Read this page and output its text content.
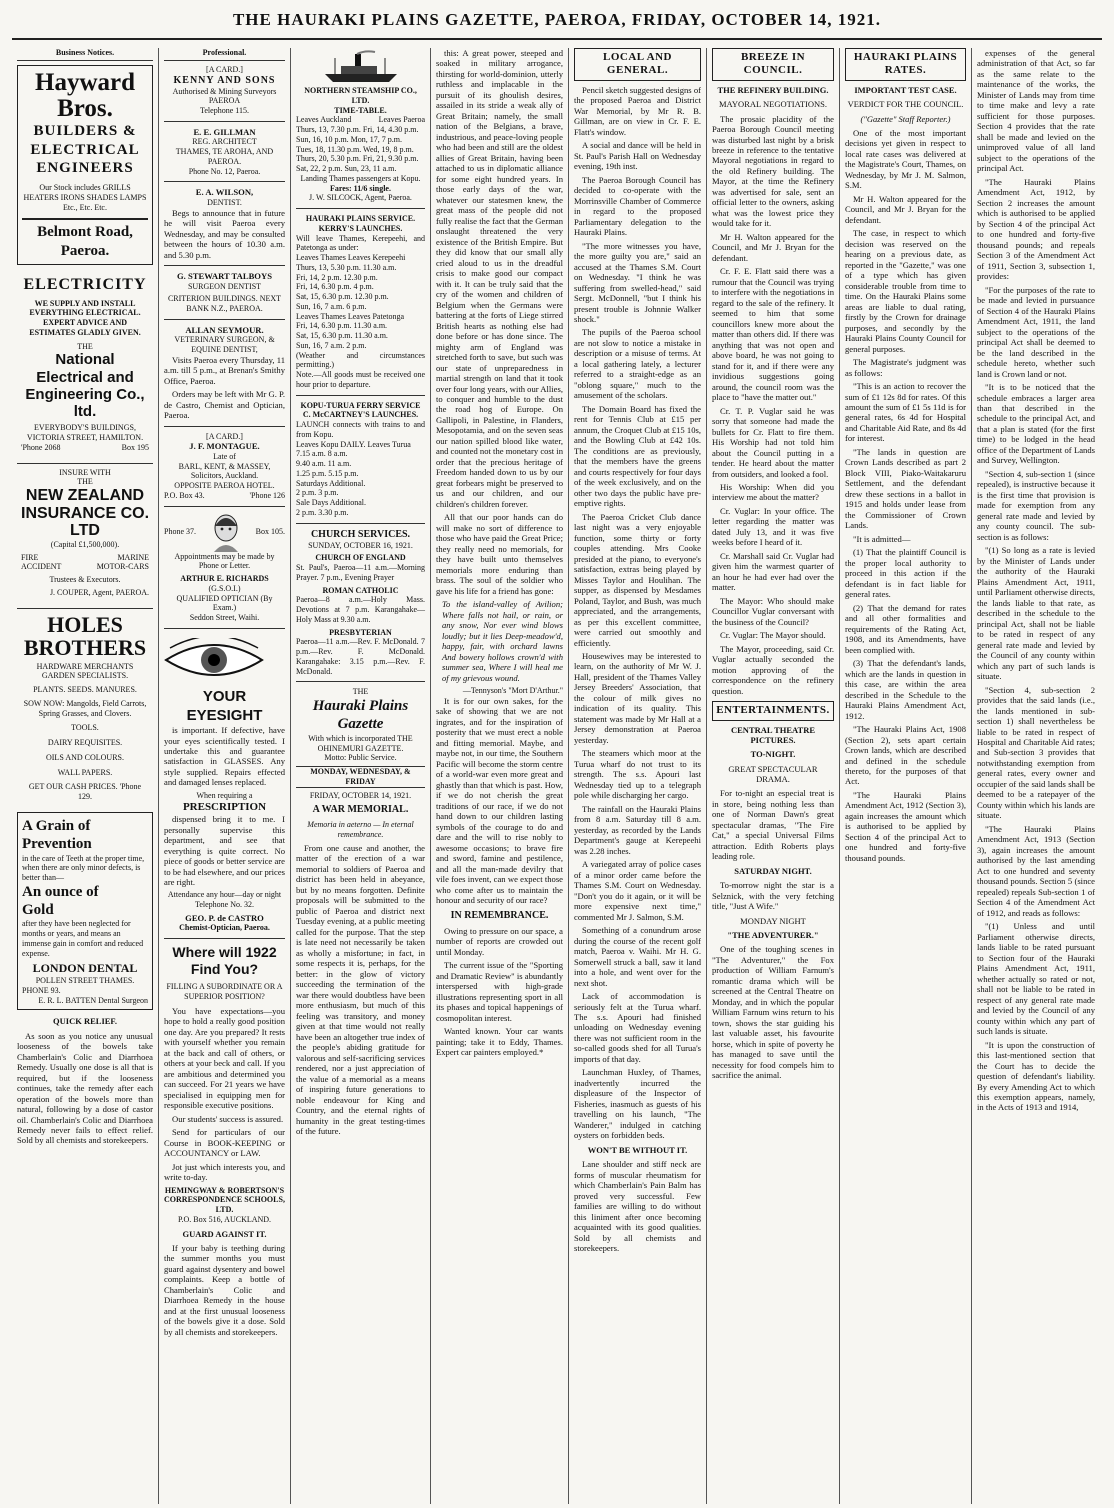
THE HAURAKI PLAINS GAZETTE, PAEROA, FRIDAY, OCTOBER 14, 1921.
Business Notices.
Hayward Bros.
BUILDERS &
ELECTRICAL
ENGINEERS
Our Stock includes GRILLS HEATERS IRONS SHADES LAMPS Etc., Etc. Etc.
Belmont Road, Paeroa.
ELECTRICITY
WE SUPPLY AND INSTALL EVERYTHING ELECTRICAL. EXPERT ADVICE AND ESTIMATES GLADLY GIVEN.
THE
National Electrical and Engineering Co., ltd.
EVERYBODY'S BUILDINGS, VICTORIA STREET, HAMILTON.
'Phone 2068	Box 195
INSURE WITH
THE
NEW ZEALAND INSURANCE CO. LTD
(Capital £1,500,000).
FIRE	MARINE
ACCIDENT	MOTOR-CARS
Trustees & Executors.
J. COUPER, Agent, PAEROA.
HOLES BROTHERS
HARDWARE MERCHANTS GARDEN SPECIALISTS.
PLANTS. SEEDS. MANURES.
SOW NOW: Mangolds, Field Carrots, Spring Grasses, and Clovers.
TOOLS.
DAIRY REQUISITES.
OILS AND COLOURS.
WALL PAPERS.
GET OUR CASH PRICES. 'Phone 129.
A Grain of
Prevention
in the care of Teeth at the proper time, when there are only minor defects, is better than—
An ounce of
Gold
after they have been neglected for months or years, and means an immense gain in comfort and reduced expense.
LONDON DENTAL
POLLEN STREET THAMES.
PHONE 93.
E. R. L. BATTEN Dental Surgeon
QUICK RELIEF.

As soon as you notice any unusual looseness of the bowels take Chamberlain's Colic and Diarrhoea Remedy. Usually one dose is all that is required, but if the looseness continues, take the remedy after each operation of the bowels more than natural, following by a dose of castor oil. Chamberlain's Colic and Diarrhoea Remedy never fails to effect relief. Sold by all chemists and storekeepers.

Professional.
[A CARD.]
KENNY AND SONS
Authorised & Mining Surveyors
PAEROA
Telephone 115.
E. E. GILLMAN
REG. ARCHITECT
THAMES, TE AROHA, AND PAEROA.
Phone No. 12, Paeroa.
E. A. WILSON,
DENTIST.

Begs to announce that in future he will visit Paeroa every Wednesday, and may be consulted between the hours of 10.30 a.m. and 5.30 p.m.

G. STEWART TALBOYS
SURGEON DENTIST
CRITERION BUILDINGS. NEXT BANK N.Z., PAEROA.
ALLAN SEYMOUR.
VETERINARY SURGEON, & EQUINE DENTIST,

Visits Paeroa every Thursday, 11 a.m. till 5 p.m., at Brenan's Smithy Office, Paeroa.

Orders may be left with Mr G. P. de Castro, Chemist and Optician, Paeroa.

[A CARD.]
J. F. MONTAGUE.
Late of
BARL, KENT, & MASSEY,
Solicitors, Auckland.
OPPOSITE PAEROA HOTEL.
P.O. Box 43.	'Phone 126
Phone 37.	Box 105.
Appointments may be made by Phone or Letter.
ARTHUR E. RICHARDS
(G.S.O.I.)
QUALIFIED OPTICIAN (By Exam.)
Seddon Street, Waihi.
YOUR EYESIGHT

is important. If defective, have your eyes scientifically tested. I undertake this and guarantee satisfaction in GLASSES. Any style supplied. Repairs effected and damaged lenses replaced.

When requiring a
PRESCRIPTION

dispensed bring it to me. I personally supervise this department, and see that everything is quite correct. No piece of goods or better service are to be had elsewhere, and our prices are right.

Attendance any hour—day or night Telephone No. 32.
GEO. P. de CASTRO
Chemist-Optician, Paeroa.
Where will 1922 Find You?
FILLING A SUBORDINATE OR A SUPERIOR POSITION?

You have expectations—you hope to hold a really good position one day. Are you prepared? It rests with yourself whether you remain at the back and call of others, or others at your beck and call. If you are ambitious and determined you can succeed. For 21 years we have specialised in equipping men for responsible executive positions.

Our students' success is assured.

Send for particulars of our Course in BOOK-KEEPING or ACCOUNTANCY or LAW.

Jot just which interests you, and write to-day.

HEMINGWAY & ROBERTSON'S CORRESPONDENCE SCHOOLS, LTD.
P.O. Box 516, AUCKLAND.
GUARD AGAINST IT.

If your baby is teething during the summer months you must guard against dysentery and bowel complaints. Keep a bottle of Chamberlain's Colic and Diarrhoea Remedy in the house and at the first unusual looseness of the bowels give it a dose. Sold by all chemists and storekeepers.

NORTHERN STEAMSHIP CO., LTD.
TIME-TABLE.
Leaves Auckland	Leaves Paeroa
Thurs, 13, 7.30 p.m. Fri, 14, 4.30 p.m.
Sun, 16, 10 p.m. Mon, 17, 7 p.m.
Tues, 18, 11.30 p.m. Wed, 19, 8 p.m.
Thurs, 20, 5.30 p.m. Fri, 21, 9.30 p.m.
Sat, 22, 2 p.m. Sun, 23, 11 a.m.
Landing Thames passengers at Kopu.
Fares: 11/6 single.
J. W. SILCOCK, Agent, Paeroa.
HAURAKI PLAINS SERVICE.
KERRY'S LAUNCHES.
Will leave Thames, Kerepeehi, and Patetonga as under:
Leaves Thames Leaves Kerepeehi
Thurs, 13, 5.30 p.m. 11.30 a.m.
Fri, 14, 2 p.m. 12.30 p.m.
Fri, 14, 6.30 p.m. 4 p.m.
Sat, 15, 6.30 p.m. 12.30 p.m.
Sun, 16, 7 a.m. 6 p.m.
Leaves Thames Leaves Patetonga
Fri, 14, 6.30 p.m. 11.30 a.m.
Sat, 15, 6.30 p.m. 11.30 a.m.
Sun, 16, 7 a.m. 2 p.m.
(Weather and circumstances permitting.)
Note.—All goods must be received one hour prior to departure.
KOPU-TURUA FERRY SERVICE
C. McCARTNEY'S LAUNCHES.
LAUNCH connects with trains to and from Kopu.
Leaves Kopu DAILY. Leaves Turua
7.15 a.m. 8 a.m.
9.40 a.m. 11 a.m.
1.25 p.m. 5.15 p.m.
Saturdays Additional.
2 p.m. 3 p.m.
Sale Days Additional.
2 p.m. 3.30 p.m.
CHURCH SERVICES.
SUNDAY, OCTOBER 16, 1921.
CHURCH OF ENGLAND
St. Paul's, Paeroa—11 a.m.—Morning Prayer. 7 p.m., Evening Prayer
ROMAN CATHOLIC
Paeroa—8 a.m.—Holy Mass. Devotions at 7 p.m. Karangahake—Holy Mass at 9.30 a.m.
PRESBYTERIAN
Paeroa—11 a.m.—Rev. F. McDonald. 7 p.m.—Rev. F. McDonald. Karangahake: 3.15 p.m.—Rev. F. McDonald.
THE
Hauraki Plains Gazette
With which is incorporated THE OHINEMURI GAZETTE.
Motto: Public Service.
MONDAY, WEDNESDAY, & FRIDAY
FRIDAY, OCTOBER 14, 1921.
A WAR MEMORIAL.
Memoria in aeterno — In eternal remembrance.

From one cause and another, the matter of the erection of a war memorial to soldiers of Paeroa and district has been held in abeyance, but by no means forgotten. Definite proposals will be submitted to the public of Paeroa and district next Tuesday evening, at a public meeting called for the purpose. That the step is late need not necessarily be taken as wholly a misfortune; in fact, in some respects it is, perhaps, for the better: in the glow of victory succeeding the termination of the war there would doubtless have been more enthusiasm, but much of this feeling was transitory, and money given at that time would not really have been an altogether true index of the people's abiding gratitude for valorous and self-sacrificing services rendered, nor a just appreciation of the value of a memorial as a means of inspiring future generations to noble endeavour for King and Country, and the eternal rights of humanity in the great testing-times of the future.

this: A great power, steeped and soaked in military arrogance, thirsting for world-dominion, utterly ruthless and implacable in the pursuit of its ghoulish desires, assailed in its stride a weak ally of Great Britain; namely, the small nation of the Belgians, a brave, industrious, and peace-loving people who had been and still are the oldest allies of Great Britain, having been attached to us in diplomatic alliance for some eight hundred years. In those early days of the war, whatever our statesmen knew, the great mass of the people did not fully realise the fact that the German onslaught threatened the very existence of the British Empire. But they did know that our small ally cried aloud to us in the dreadful crisis to make good our compact with it. It can be truly said that the cry of the women and children of Belgium when the Germans were battering at the forts of Liege stirred British hearts as nothing else had done before or has done since. The mighty arm of England was stretched forth to save, but such was our state of unpreparedness in martial strength on land that it took over four long years, with our Allies, to conquer and humble to the dust the road hog of Europe. On Gallipoli, in Palestine, in Flanders, Mesopotamia, and on the seven seas our nation spilled blood like water, and counted not the monetary cost in order that the precious heritage of Freedom handed down to us by our great forbears might be preserved to us and our children, and our children's children forever.

All that our poor hands can do will make no sort of difference to those who have paid the Great Price; they really need no memorials, for they have built unto themselves memorials more enduring than brass. The soul of the soldier who gave his life for a friend has gone:

To the island-valley of Avilion; Where falls not hail, or rain, or any snow, Nor ever wind blows loudly; but it lies Deep-meadow'd, happy, fair, with orchard lawns And bowery hollows crown'd with summer sea, Where I will heal me of my grievous wound.

—Tennyson's "Mort D'Arthur."

It is for our own sakes, for the sake of showing that we are not ingrates, and for the inspiration of posterity that we must erect a noble and fitting memorial. Maybe, and maybe not, in our time, the Southern Pacific will become the storm centre of a world-war even more great and ghastly than that which is past. How, if we do not cherish the great traditions of our race, if we do not hand down to our children lasting symbols of the courage to do and dare and the will to rise nobly to awesome occasions; to brave fire and sword, famine and pestilence, and all the man-made devilry that vile foes invent, can we expect those who come after us to maintain the honour and security of our race?

IN REMEMBRANCE.

Owing to pressure on our space, a number of reports are crowded out until Monday.

The current issue of the "Sporting and Dramatic Review" is abundantly interspersed with high-grade illustrations representing sport in all its phases and topical happenings of cosmopolitan interest.

Wanted known. Your car wants painting; take it to Eddy, Thames. Expert car painters employed.*

LOCAL AND GENERAL.

Pencil sketch suggested designs of the proposed Paeroa and District War Memorial, by Mr R. B. Gillman, are on view in Cr. F. E. Flatt's window.

A social and dance will be held in St. Paul's Parish Hall on Wednesday evening, 19th inst.

The Paeroa Borough Council has decided to co-operate with the Morrinsville Chamber of Commerce in regard to the proposed Parliamentary delegation to the Hauraki Plains.

"The more witnesses you have, the more guilty you are," said an accused at the Thames S.M. Court on Wednesday. "I think he was suffering from swelled-head," said Sergt. McDonnell, "but I think his present trouble is Johnnie Walker shock."

The pupils of the Paeroa school are not slow to notice a mistake in description or a misuse of terms. At a local gathering lately, a lecturer referred to a straight-edge as an "oblong square," much to the amusement of the scholars.

The Domain Board has fixed the rent for Tennis Club at £15 per annum, the Croquet Club at £15 10s, and the Bowling Club at £42 10s. The conditions are as previously, that the members have the greens and courts respectively for four days of the week exclusively, and on the other two days the public have pre-emptive rights.

The Paeroa Cricket Club dance last night was a very enjoyable function, some thirty or forty couples attending. Mrs Cooke presided at the piano, to everyone's satisfaction, extras being played by Misses Taylor and Houlihan. The supper, as dispensed by Mesdames Poland, Taylor, and Bush, was much appreciated, and the arrangements, as per this excellent committee, were carried out smoothly and efficiently.

Housewives may be interested to learn, on the authority of Mr W. J. Hall, president of the Thames Valley Jersey Breeders' Association, that the colour of milk gives no indication of its quality. This statement was made by Mr Hall at a Jersey demonstration at Paeroa yesterday.

The steamers which moor at the Turua wharf do not trust to its strength. The s.s. Apouri last Wednesday tied up to a telegraph pole while discharging her cargo.

The rainfall on the Hauraki Plains from 8 a.m. Saturday till 8 a.m. yesterday, as recorded by the Lands Department's gauge at Kerepeehi was 2.28 inches.

A variegated array of police cases of a minor order came before the Thames S.M. Court on Wednesday. "Don't you do it again, or it will be more expensive next time," commented Mr J. Salmon, S.M.

Something of a conundrum arose during the course of the recent golf match, Paeroa v. Waihi. Mr H. G. Somerwell struck a ball, saw it land into a hole, and went over for the next shot.

Lack of accommodation is seriously felt at the Turua wharf. The s.s. Apouri had finished unloading on Wednesday evening there was not sufficient room in the so-called goods shed for all Turua's imports of that day.

Launchman Huxley, of Thames, inadvertently incurred the displeasure of the Inspector of Fisheries, inasmuch as guests of his travelling on his launch, "The Wanderer," indulged in catching oysters on forbidden beds.

WON'T BE WITHOUT IT.

Lane shoulder and stiff neck are forms of muscular rheumatism for which Chamberlain's Pain Balm has proved very successful. Few families are willing to do without this liniment after once becoming acquainted with its good qualities. Sold by all chemists and storekeepers.

BREEZE IN COUNCIL.
THE REFINERY BUILDING.
MAYORAL NEGOTIATIONS.

The prosaic placidity of the Paeroa Borough Council meeting was disturbed last night by a brisk breeze in reference to the tentative Mayoral negotiations in regard to the old Refinery building. The Mayor, at the time the Refinery was advertised for sale, sent an official letter to the owners, asking what was the lowest price they would take for it.

Mr H. Walton appeared for the Council, and Mr J. Bryan for the defendant.

Cr. F. E. Flatt said there was a rumour that the Council was trying to interfere with the negotiations in regard to the sale of the refinery. It seemed to him that some councillors knew more about the matter than others did. If there was anything that was not open and above board, he was not going to stand for it, and if there were any invidious suggestions going around, the council room was the place to "have the matter out."

Cr. T. P. Vuglar said he was sorry that someone had made the bullets for Cr. Flatt to fire them. His Worship had not told him about the Council putting in a tender. He heard about the matter from outsiders, and looked a fool.

His Worship: When did you interview me about the matter?

Cr. Vuglar: In your office. The letter regarding the matter was dated July 13, and it was five weeks before I heard of it.

Cr. Marshall said Cr. Vuglar had given him the warmest quarter of an hour he had ever had over the matter.

The Mayor: Who should make Councillor Vuglar conversant with the business of the Council?

Cr. Vuglar: The Mayor should.

The Mayor, proceeding, said Cr. Vuglar actually seconded the motion approving of the correspondence on the refinery question.

ENTERTAINMENTS.
CENTRAL THEATRE PICTURES.
TO-NIGHT.
GREAT SPECTACULAR DRAMA.

For to-night an especial treat is in store, being nothing less than one of Norman Dawn's great spectacular dramas, "The Fire Cat," a special Universal Films attraction. Edith Roberts plays leading role.

SATURDAY NIGHT.

To-morrow night the star is a Selznick, with the very fetching title, "Just A Wife."

MONDAY NIGHT
"THE ADVENTURER."

One of the toughing scenes in "The Adventurer," the Fox production of William Farnum's romantic drama which will be screened at the Central Theatre on Monday, and in which the popular William Farnum wins return to his town, shows the star guiding his last valuable asset, his favourite horse, which in spite of poverty he has managed to save until the necessity for food compels him to sacrifice the animal.

HAURAKI PLAINS RATES.
IMPORTANT TEST CASE.
VERDICT FOR THE COUNCIL.
("Gazette" Staff Reporter.)

One of the most important decisions yet given in respect to local rate cases was delivered at the Magistrate's Court, Thames, on Wednesday, by Mr J. M. Salmon, S.M.

Mr H. Walton appeared for the Council, and Mr J. Bryan for the defendant.

The case, in respect to which decision was reserved on the hearing on a previous date, as reported in the "Gazette," was one of a type which has given considerable trouble from time to time. On the Hauraki Plains some areas are liable to dual rating, firstly by the Crown for drainage purposes, and secondly by the Hauraki Plains County Council for general purposes.

The Magistrate's judgment was as follows:

"This is an action to recover the sum of £1 12s 8d for rates. Of this amount the sum of £1 5s 11d is for general rates, 6s 4d for Hospital and Charitable Aid Rate, and 8s 4d for interest.

"The lands in question are Crown Lands described as part 2 Block VIII, Piako-Waitakaruru Settlement, and the defendant drew these sections in a ballot in 1915 and holds under lease from the Commissioner of Crown Lands.

"It is admitted—

(1) That the plaintiff Council is the proper local authority to proceed in this action if the defendant is in fact liable for general rates.

(2) That the demand for rates and all other formalities and requirements of the Rating Act, 1908, and its Amendments, have been complied with.

(3) That the defendant's lands, which are the lands in question in this case, are within the area described in the Schedule to the Hauraki Plains Amendment Act, 1912.

"The Hauraki Plains Act, 1908 (Section 2), sets apart certain Crown lands, which are described and defined in the schedule thereto, for the purposes of that Act.

"The Hauraki Plains Amendment Act, 1912 (Section 3), again increases the amount which is authorised to be applied by Section 4 of the principal Act to one hundred and forty-five thousand pounds.

expenses of the general administration of that Act, so far as the same relate to the maintenance of the works, the Minister of Lands may from time to time make and levy a rate sufficient for those purposes. Section 4 provides that the rate shall be made and levied on the unimproved value of all land subject to the operations of the principal Act.

"The Hauraki Plains Amendment Act, 1912, by Section 2 increases the amount which is authorised to be applied by Section 4 of the principal Act to one hundred and forty-five thousand pounds; and repeals Section 3 of the Amendment Act of 1911, Section 3, subsection 1, provides:

"For the purposes of the rate to be made and levied in pursuance of Section 4 of the Hauraki Plains Amendment Act, 1911, the land subject to the operations of the principal Act shall be deemed to be the land described in the schedule hereto, whether such land is Crown land or not.

"It is to be noticed that the schedule embraces a larger area than that described in the schedule to the principal Act, and that a plan is stated (for the first time) to be lodged in the head office of the Department of Lands and Survey, Wellington.

"Section 4, sub-section 1 (since repealed), is instructive because it is the first time that provision is made for exemption from any general rate made and levied by any county council. The sub-section is as follows:

"(1) So long as a rate is levied by the Minister of Lands under the authority of the Hauraki Plains Amendment Act, 1911, until Parliament otherwise directs, the lands liable to that rate, as described in the schedule to the principal Act, shall not be liable to be rated in respect of any general rate made and levied by the Council of any county within which any part of such lands is situate.

"Section 4, sub-section 2 provides that the said lands (i.e., the lands mentioned in sub-section 1) shall nevertheless be liable to be rated in respect of Hospital and Charitable Aid rates; and Sub-section 3 provides that notwithstanding exemption from general rates, every owner and occupier of the said lands shall be deemed to be a ratepayer of the County within which his lands are situate.

"The Hauraki Plains Amendment Act, 1913 (Section 3), again increases the amount authorised by the last amending Act to one hundred and seventy thousand pounds. Section 5 (since repealed) repeals Sub-section 1 of Section 4 of the Amendment Act of 1912, and reads as follows:

"(1) Unless and until Parliament otherwise directs, lands liable to be rated pursuant to Section four of the Hauraki Plains Amendment Act, 1911, whether actually so rated or not, shall not be liable to be rated in respect of any general rate made and levied by the Council of any county within which any part of such lands is situate.

"It is upon the construction of this last-mentioned section that the Court has to decide the question of defendant's liability. By every Amending Act to which this exemption appears, namely, in the Acts of 1913 and 1914,
